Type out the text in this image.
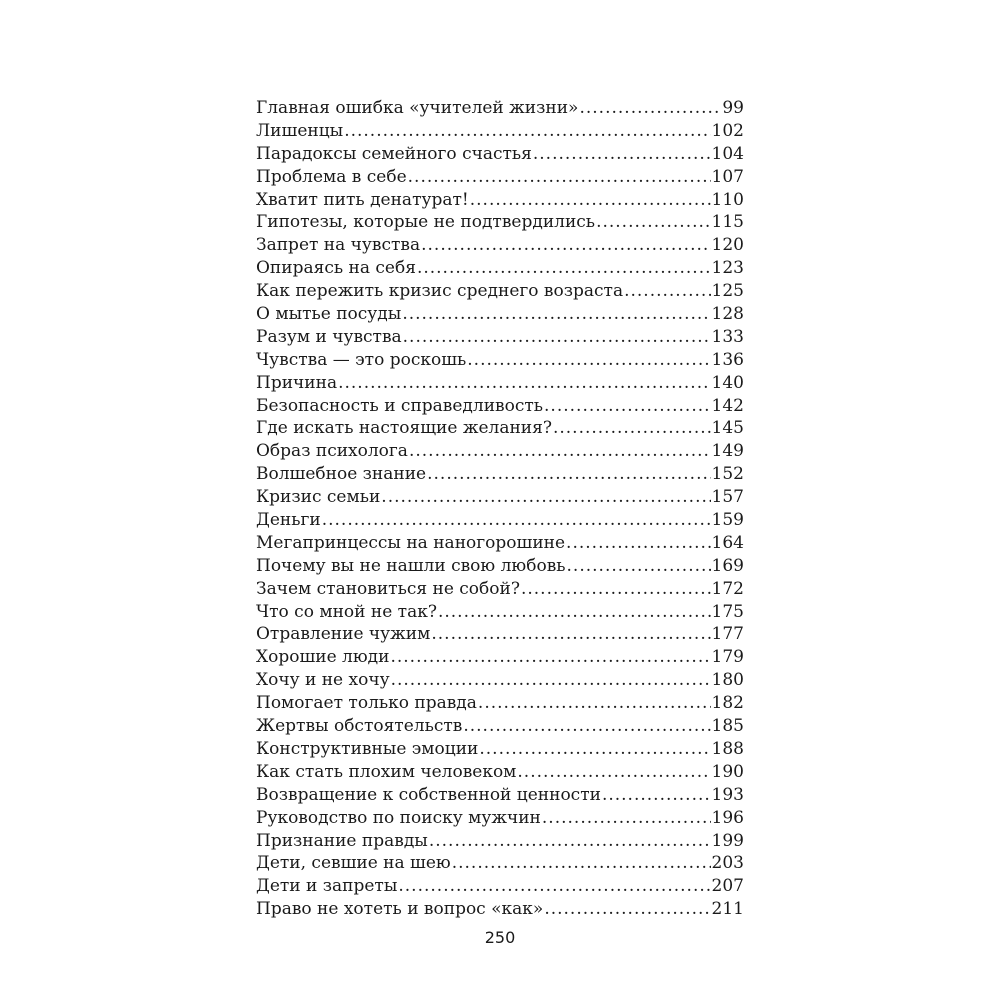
Главная ошибка «учителей жизни» .....	99
Лишенцы .....	102
Парадоксы семейного счастья .....	104
Проблема в себе .....	107
Хватит пить денатурат! .....	110
Гипотезы, которые не подтвердились .....	115
Запрет на чувства .....	120
Опираясь на себя .....	123
Как пережить кризис среднего возраста .....	125
О мытье посуды .....	128
Разум и чувства .....	133
Чувства — это роскошь .....	136
Причина .....	140
Безопасность и справедливость .....	142
Где искать настоящие желания? .....	145
Образ психолога .....	149
Волшебное знание .....	152
Кризис семьи .....	157
Деньги .....	159
Мегапринцессы на наногорошине .....	164
Почему вы не нашли свою любовь .....	169
Зачем становиться не собой? .....	172
Что со мной не так? .....	175
Отравление чужим .....	177
Хорошие люди .....	179
Хочу и не хочу .....	180
Помогает только правда .....	182
Жертвы обстоятельств .....	185
Конструктивные эмоции .....	188
Как стать плохим человеком .....	190
Возвращение к собственной ценности .....	193
Руководство по поиску мужчин .....	196
Признание правды .....	199
Дети, севшие на шею .....	203
Дети и запреты .....	207
Право не хотеть и вопрос «как» .....	211
250
